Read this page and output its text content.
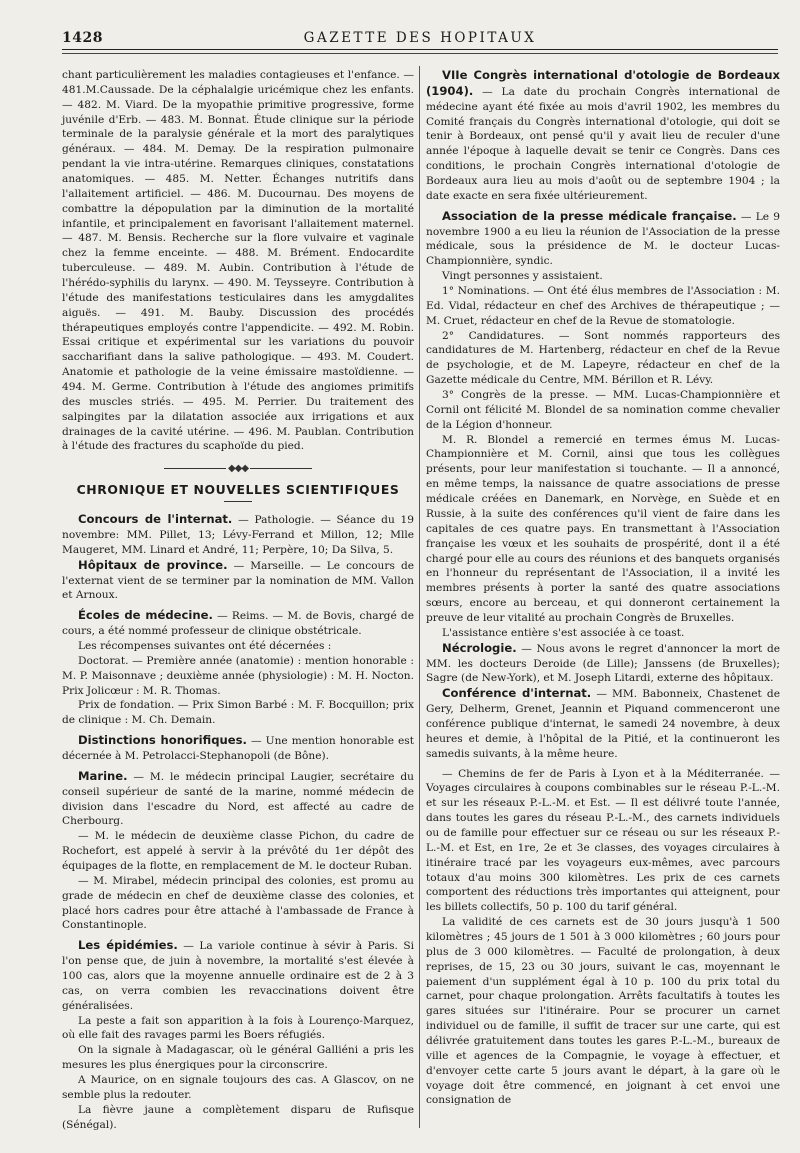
1428	GAZETTE DES HOPITAUX

chant particulièrement les maladies contagieuses et l'enfance. — 481.M.Caussade. De la céphalalgie uricémique chez les enfants. — 482. M. Viard. De la myopathie primitive progressive, forme juvénile d'Erb. — 483. M. Bonnat. Étude clinique sur la période terminale de la paralysie générale et la mort des paralytiques généraux. — 484. M. Demay. De la respiration pulmonaire pendant la vie intra-utérine. Remarques cliniques, constatations anatomiques. — 485. M. Netter. Échanges nutritifs dans l'allaitement artificiel. — 486. M. Ducournau. Des moyens de combattre la dépopulation par la diminution de la mortalité infantile, et principalement en favorisant l'allaitement maternel. — 487. M. Bensis. Recherche sur la flore vulvaire et vaginale chez la femme enceinte. — 488. M. Brément. Endocardite tuberculeuse. — 489. M. Aubin. Contribution à l'étude de l'hérédo-syphilis du larynx. — 490. M. Teysseyre. Contribution à l'étude des manifestations testiculaires dans les amygdalites aiguës. — 491. M. Bauby. Discussion des procédés thérapeutiques employés contre l'appendicite. — 492. M. Robin. Essai critique et expérimental sur les variations du pouvoir saccharifiant dans la salive pathologique. — 493. M. Coudert. Anatomie et pathologie de la veine émissaire mastoïdienne. — 494. M. Germe. Contribution à l'étude des angiomes primitifs des muscles striés. — 495. M. Perrier. Du traitement des salpingites par la dilatation associée aux irrigations et aux drainages de la cavité utérine. — 496. M. Paublan. Contribution à l'étude des fractures du scaphoïde du pied.

◆◆◆
CHRONIQUE ET NOUVELLES SCIENTIFIQUES

Concours de l'internat. — Pathologie. — Séance du 19 novembre: MM. Pillet, 13; Lévy-Ferrand et Millon, 12; Mlle Maugeret, MM. Linard et André, 11; Perpère, 10; Da Silva, 5.

Hôpitaux de province. — Marseille. — Le concours de l'externat vient de se terminer par la nomination de MM. Vallon et Arnoux.

Écoles de médecine. — Reims. — M. de Bovis, chargé de cours, a été nommé professeur de clinique obstétricale.

Les récompenses suivantes ont été décernées :

Doctorat. — Première année (anatomie) : mention honorable : M. P. Maisonnave ; deuxième année (physiologie) : M. H. Nocton. Prix Jolicœur : M. R. Thomas.

Prix de fondation. — Prix Simon Barbé : M. F. Bocquillon; prix de clinique : M. Ch. Demain.

Distinctions honorifiques. — Une mention honorable est décernée à M. Petrolacci-Stephanopoli (de Bône).

Marine. — M. le médecin principal Laugier, secrétaire du conseil supérieur de santé de la marine, nommé médecin de division dans l'escadre du Nord, est affecté au cadre de Cherbourg.

— M. le médecin de deuxième classe Pichon, du cadre de Rochefort, est appelé à servir à la prévôté du 1er dépôt des équipages de la flotte, en remplacement de M. le docteur Ruban.

— M. Mirabel, médecin principal des colonies, est promu au grade de médecin en chef de deuxième classe des colonies, et placé hors cadres pour être attaché à l'ambassade de France à Constantinople.

Les épidémies. — La variole continue à sévir à Paris. Si l'on pense que, de juin à novembre, la mortalité s'est élevée à 100 cas, alors que la moyenne annuelle ordinaire est de 2 à 3 cas, on verra combien les revaccinations doivent être généralisées.

La peste a fait son apparition à la fois à Lourenço-Marquez, où elle fait des ravages parmi les Boers réfugiés.

On la signale à Madagascar, où le général Galliéni a pris les mesures les plus énergiques pour la circonscrire.

A Maurice, on en signale toujours des cas. A Glascov, on ne semble plus la redouter.

La fièvre jaune a complètement disparu de Rufisque (Sénégal).

VIIe Congrès international d'otologie de Bordeaux (1904). — La date du prochain Congrès international de médecine ayant été fixée au mois d'avril 1902, les membres du Comité français du Congrès international d'otologie, qui doit se tenir à Bordeaux, ont pensé qu'il y avait lieu de reculer d'une année l'époque à laquelle devait se tenir ce Congrès. Dans ces conditions, le prochain Congrès international d'otologie de Bordeaux aura lieu au mois d'août ou de septembre 1904 ; la date exacte en sera fixée ultérieurement.

Association de la presse médicale française. — Le 9 novembre 1900 a eu lieu la réunion de l'Association de la presse médicale, sous la présidence de M. le docteur Lucas-Championnière, syndic.

Vingt personnes y assistaient.

1° Nominations. — Ont été élus membres de l'Association : M. Ed. Vidal, rédacteur en chef des Archives de thérapeutique ; — M. Cruet, rédacteur en chef de la Revue de stomatologie.

2° Candidatures. — Sont nommés rapporteurs des candidatures de M. Hartenberg, rédacteur en chef de la Revue de psychologie, et de M. Lapeyre, rédacteur en chef de la Gazette médicale du Centre, MM. Bérillon et R. Lévy.

3° Congrès de la presse. — MM. Lucas-Championnière et Cornil ont félicité M. Blondel de sa nomination comme chevalier de la Légion d'honneur.

M. R. Blondel a remercié en termes émus M. Lucas-Championnière et M. Cornil, ainsi que tous les collègues présents, pour leur manifestation si touchante. — Il a annoncé, en même temps, la naissance de quatre associations de presse médicale créées en Danemark, en Norvège, en Suède et en Russie, à la suite des conférences qu'il vient de faire dans les capitales de ces quatre pays. En transmettant à l'Association française les vœux et les souhaits de prospérité, dont il a été chargé pour elle au cours des réunions et des banquets organisés en l'honneur du représentant de l'Association, il a invité les membres présents à porter la santé des quatre associations sœurs, encore au berceau, et qui donneront certainement la preuve de leur vitalité au prochain Congrès de Bruxelles.

L'assistance entière s'est associée à ce toast.

Nécrologie. — Nous avons le regret d'annoncer la mort de MM. les docteurs Deroide (de Lille); Janssens (de Bruxelles); Sagre (de New-York), et M. Joseph Litardi, externe des hôpitaux.

Conférence d'internat. — MM. Babonneix, Chastenet de Gery, Delherm, Grenet, Jeannin et Piquand commenceront une conférence publique d'internat, le samedi 24 novembre, à deux heures et demie, à l'hôpital de la Pitié, et la continueront les samedis suivants, à la même heure.

— Chemins de fer de Paris à Lyon et à la Méditerranée. — Voyages circulaires à coupons combinables sur le réseau P.-L.-M. et sur les réseaux P.-L.-M. et Est. — Il est délivré toute l'année, dans toutes les gares du réseau P.-L.-M., des carnets individuels ou de famille pour effectuer sur ce réseau ou sur les réseaux P.-L.-M. et Est, en 1re, 2e et 3e classes, des voyages circulaires à itinéraire tracé par les voyageurs eux-mêmes, avec parcours totaux d'au moins 300 kilomètres. Les prix de ces carnets comportent des réductions très importantes qui atteignent, pour les billets collectifs, 50 p. 100 du tarif général.

La validité de ces carnets est de 30 jours jusqu'à 1 500 kilomètres ; 45 jours de 1 501 à 3 000 kilomètres ; 60 jours pour plus de 3 000 kilomètres. — Faculté de prolongation, à deux reprises, de 15, 23 ou 30 jours, suivant le cas, moyennant le paiement d'un supplément égal à 10 p. 100 du prix total du carnet, pour chaque prolongation. Arrêts facultatifs à toutes les gares situées sur l'itinéraire. Pour se procurer un carnet individuel ou de famille, il suffit de tracer sur une carte, qui est délivrée gratuitement dans toutes les gares P.-L.-M., bureaux de ville et agences de la Compagnie, le voyage à effectuer, et d'envoyer cette carte 5 jours avant le départ, à la gare où le voyage doit être commencé, en joignant à cet envoi une consignation de
